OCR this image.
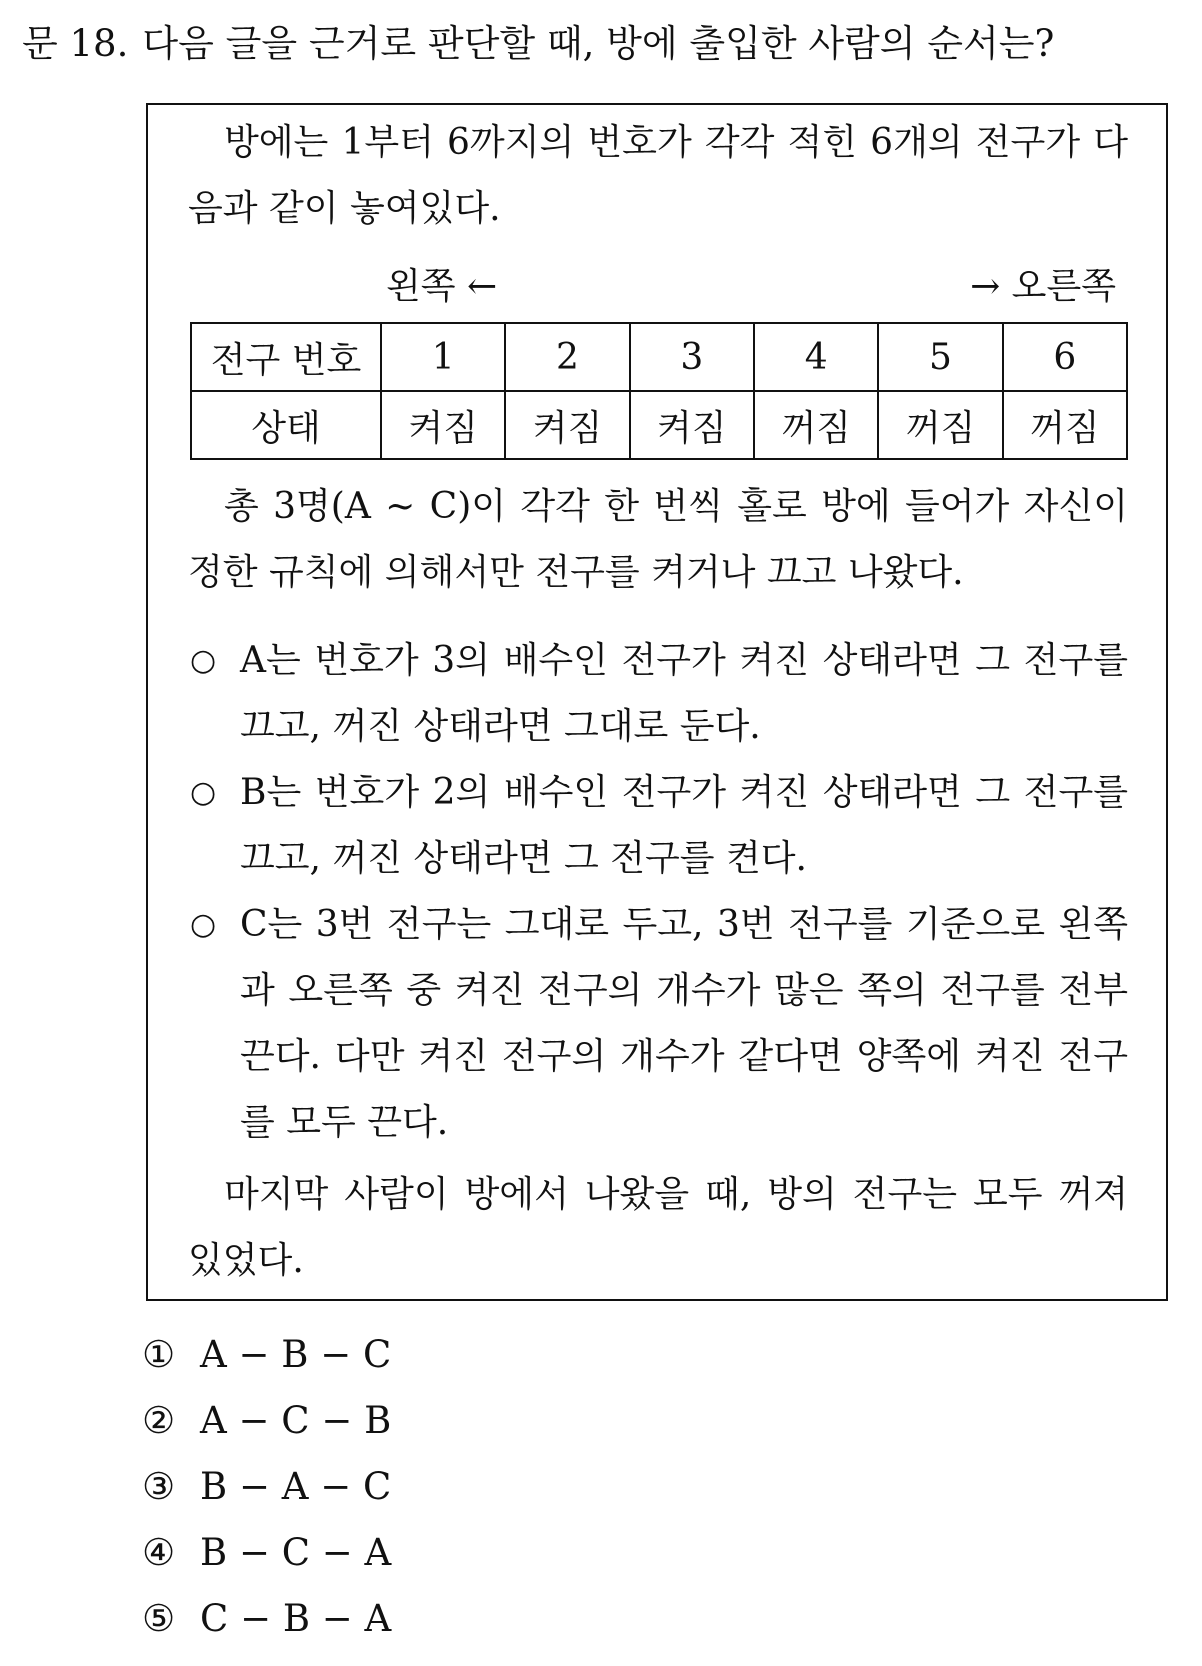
문 18. 다음 글을 근거로 판단할 때, 방에 출입한 사람의 순서는?
방에는 1부터 6까지의 번호가 각각 적힌 6개의 전구가 다음과 같이 놓여있다.
왼쪽 ←	→ 오른쪽
전구 번호	1	2	3	4	5	6
상태	켜짐	켜짐	켜짐	꺼짐	꺼짐	꺼짐
총 3명(A ~ C)이 각각 한 번씩 홀로 방에 들어가 자신이 정한 규칙에 의해서만 전구를 켜거나 끄고 나왔다.
○ A는 번호가 3의 배수인 전구가 켜진 상태라면 그 전구를 끄고, 꺼진 상태라면 그대로 둔다.
○ B는 번호가 2의 배수인 전구가 켜진 상태라면 그 전구를 끄고, 꺼진 상태라면 그 전구를 켠다.
○ C는 3번 전구는 그대로 두고, 3번 전구를 기준으로 왼쪽과 오른쪽 중 켜진 전구의 개수가 많은 쪽의 전구를 전부 끈다. 다만 켜진 전구의 개수가 같다면 양쪽에 켜진 전구를 모두 끈다.
마지막 사람이 방에서 나왔을 때, 방의 전구는 모두 꺼져 있었다.
① A − B − C
② A − C − B
③ B − A − C
④ B − C − A
⑤ C − B − A
